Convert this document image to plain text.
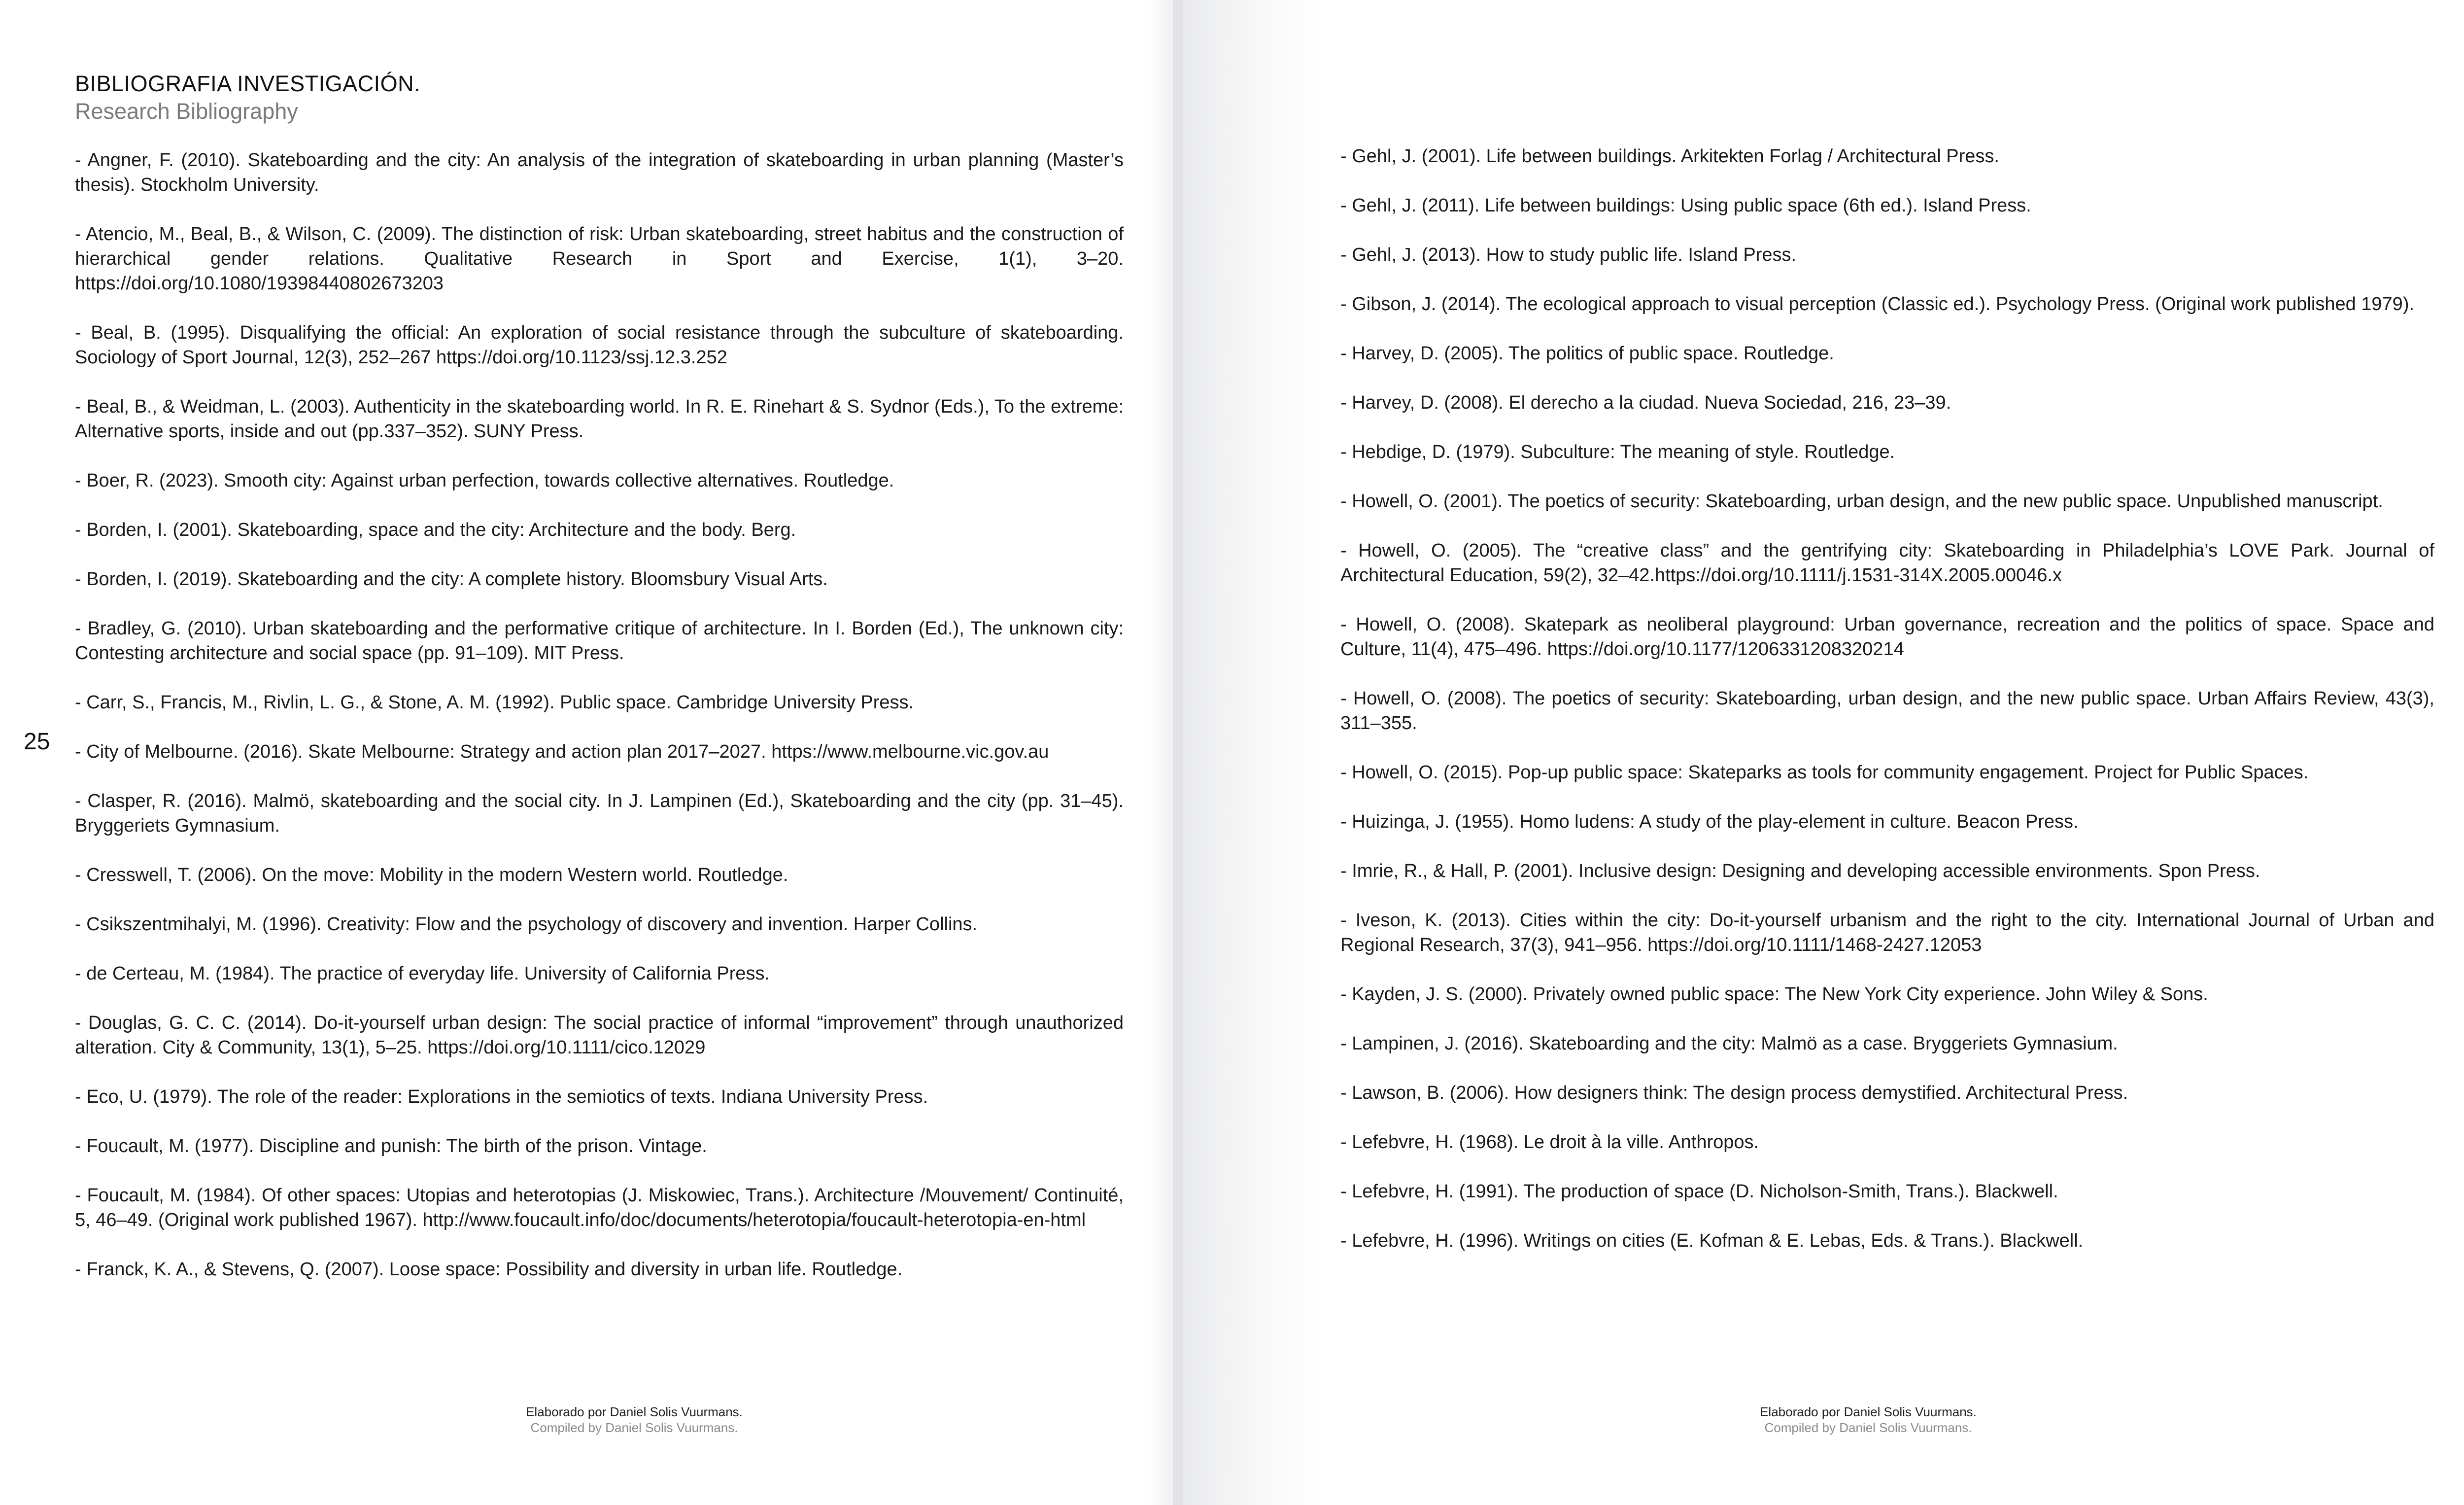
BIBLIOGRAFIA INVESTIGACIÓN.
Research Bibliography

- Angner, F. (2010). Skateboarding and the city: An analysis of the integration of skateboarding in urban planning (Master’s thesis). Stockholm University.

- Atencio, M., Beal, B., & Wilson, C. (2009). The distinction of risk: Urban skateboarding, street habitus and the construction of hierarchical gender relations. Qualitative Research in Sport and Exercise, 1(1), 3–20. https://doi.org/10.1080/19398440802673203

- Beal, B. (1995). Disqualifying the official: An exploration of social resistance through the subculture of skateboarding. Sociology of Sport Journal, 12(3), 252–267 https://doi.org/10.1123/ssj.12.3.252

- Beal, B., & Weidman, L. (2003). Authenticity in the skateboarding world. In R. E. Rinehart & S. Sydnor (Eds.), To the extreme: Alternative sports, inside and out (pp.337–352). SUNY Press.

- Boer, R. (2023). Smooth city: Against urban perfection, towards collective alternatives. Routledge.

- Borden, I. (2001). Skateboarding, space and the city: Architecture and the body. Berg.

- Borden, I. (2019). Skateboarding and the city: A complete history. Bloomsbury Visual Arts.

- Bradley, G. (2010). Urban skateboarding and the performative critique of architecture. In I. Borden (Ed.), The unknown city: Contesting architecture and social space (pp. 91–109). MIT Press.

- Carr, S., Francis, M., Rivlin, L. G., & Stone, A. M. (1992). Public space. Cambridge University Press.

- City of Melbourne. (2016). Skate Melbourne: Strategy and action plan 2017–2027. https://www.melbourne.vic.gov.au

- Clasper, R. (2016). Malmö, skateboarding and the social city. In J. Lampinen (Ed.), Skateboarding and the city (pp. 31–45). Bryggeriets Gymnasium.

- Cresswell, T. (2006). On the move: Mobility in the modern Western world. Routledge.

- Csikszentmihalyi, M. (1996). Creativity: Flow and the psychology of discovery and invention. Harper Collins.

- de Certeau, M. (1984). The practice of everyday life. University of California Press.

- Douglas, G. C. C. (2014). Do-it-yourself urban design: The social practice of informal “improvement” through unauthorized alteration. City & Community, 13(1), 5–25. https://doi.org/10.1111/cico.12029

- Eco, U. (1979). The role of the reader: Explorations in the semiotics of texts. Indiana University Press.

- Foucault, M. (1977). Discipline and punish: The birth of the prison. Vintage.

- Foucault, M. (1984). Of other spaces: Utopias and heterotopias (J. Miskowiec, Trans.). Architecture /Mouvement/ Continuité, 5, 46–49. (Original work published 1967). http://www.foucault.info/doc/documents/heterotopia/foucault-heterotopia-en-html

- Franck, K. A., & Stevens, Q. (2007). Loose space: Possibility and diversity in urban life. Routledge.

25
Elaborado por Daniel Solis Vuurmans.
Compiled by Daniel Solis Vuurmans.

- Gehl, J. (2001). Life between buildings. Arkitekten Forlag / Architectural Press.

- Gehl, J. (2011). Life between buildings: Using public space (6th ed.). Island Press.

- Gehl, J. (2013). How to study public life. Island Press.

- Gibson, J. (2014). The ecological approach to visual perception (Classic ed.). Psychology Press. (Original work published 1979).

- Harvey, D. (2005). The politics of public space. Routledge.

- Harvey, D. (2008). El derecho a la ciudad. Nueva Sociedad, 216, 23–39.

- Hebdige, D. (1979). Subculture: The meaning of style. Routledge.

- Howell, O. (2001). The poetics of security: Skateboarding, urban design, and the new public space. Unpublished manuscript.

- Howell, O. (2005). The “creative class” and the gentrifying city: Skateboarding in Philadelphia’s LOVE Park. Journal of Architectural Education, 59(2), 32–42.https://doi.org/10.1111/j.1531-314X.2005.00046.x

- Howell, O. (2008). Skatepark as neoliberal playground: Urban governance, recreation and the politics of space. Space and Culture, 11(4), 475–496. https://doi.org/10.1177/1206331208320214

- Howell, O. (2008). The poetics of security: Skateboarding, urban design, and the new public space. Urban Affairs Review, 43(3), 311–355.

- Howell, O. (2015). Pop-up public space: Skateparks as tools for community engagement. Project for Public Spaces.

- Huizinga, J. (1955). Homo ludens: A study of the play-element in culture. Beacon Press.

- Imrie, R., & Hall, P. (2001). Inclusive design: Designing and developing accessible environments. Spon Press.

- Iveson, K. (2013). Cities within the city: Do-it-yourself urbanism and the right to the city. International Journal of Urban and Regional Research, 37(3), 941–956. https://doi.org/10.1111/1468-2427.12053

- Kayden, J. S. (2000). Privately owned public space: The New York City experience. John Wiley & Sons.

- Lampinen, J. (2016). Skateboarding and the city: Malmö as a case. Bryggeriets Gymnasium.

- Lawson, B. (2006). How designers think: The design process demystified. Architectural Press.

- Lefebvre, H. (1968). Le droit à la ville. Anthropos.

- Lefebvre, H. (1991). The production of space (D. Nicholson-Smith, Trans.). Blackwell.

- Lefebvre, H. (1996). Writings on cities (E. Kofman & E. Lebas, Eds. & Trans.). Blackwell.

Elaborado por Daniel Solis Vuurmans.
Compiled by Daniel Solis Vuurmans.
